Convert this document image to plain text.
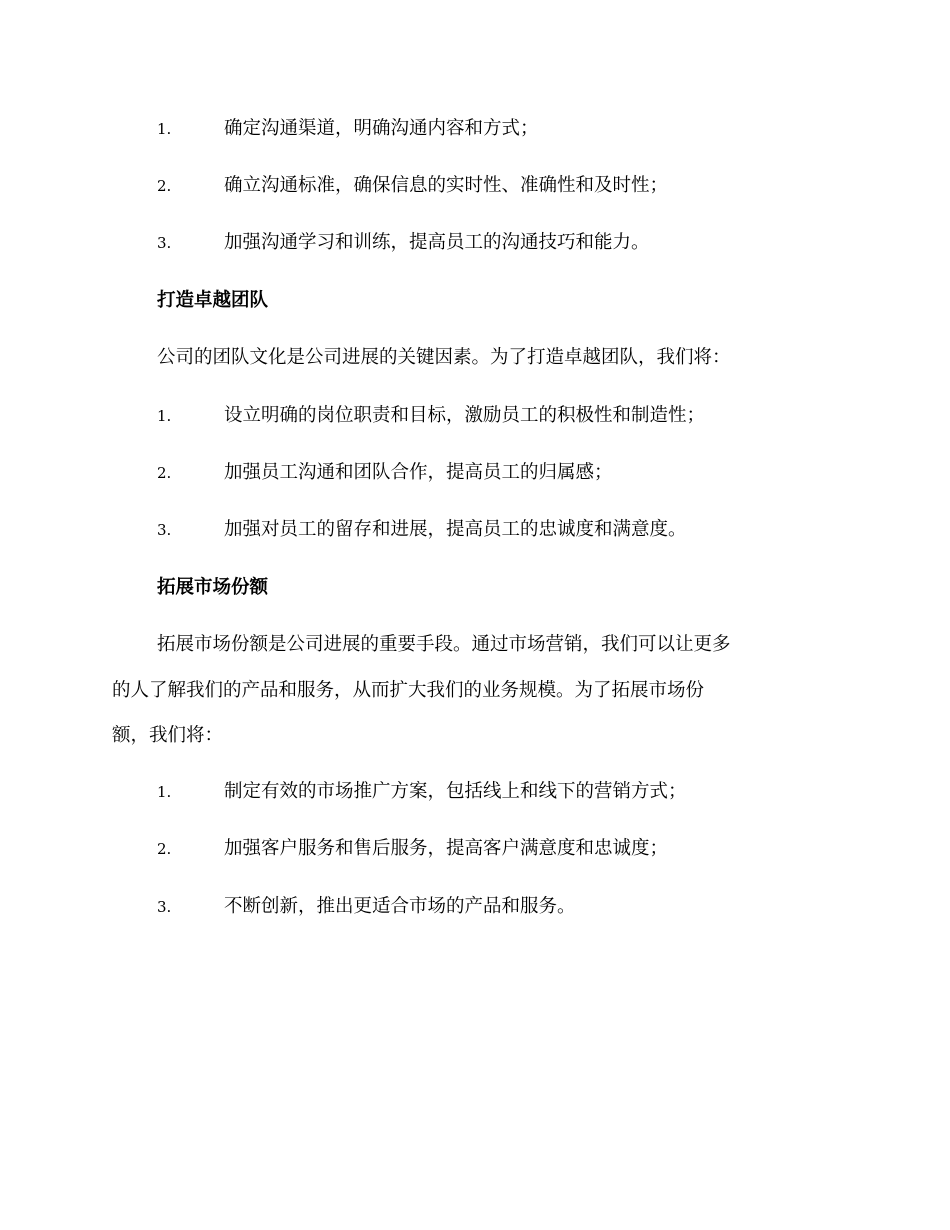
1.	确定沟通渠道，明确沟通内容和方式；
2.	确立沟通标准，确保信息的实时性、准确性和及时性；
3.	加强沟通学习和训练，提高员工的沟通技巧和能力。
打造卓越团队
公司的团队文化是公司进展的关键因素。为了打造卓越团队，我们将：
1.	设立明确的岗位职责和目标，激励员工的积极性和制造性；
2.	加强员工沟通和团队合作，提高员工的归属感；
3.	加强对员工的留存和进展，提高员工的忠诚度和满意度。
拓展市场份额
拓展市场份额是公司进展的重要手段。通过市场营销，我们可以让更多
的人了解我们的产品和服务，从而扩大我们的业务规模。为了拓展市场份
额，我们将：
1.	制定有效的市场推广方案，包括线上和线下的营销方式；
2.	加强客户服务和售后服务，提高客户满意度和忠诚度；
3.	不断创新，推出更适合市场的产品和服务。
